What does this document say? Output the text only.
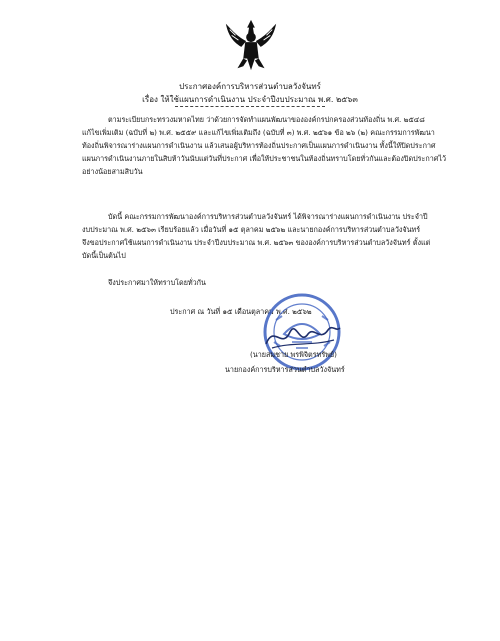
ประกาศองค์การบริหารส่วนตำบลวังจันทร์
เรื่อง ให้ใช้แผนการดำเนินงาน ประจำปีงบประมาณ พ.ศ. ๒๕๖๓
ตามระเบียบกระทรวงมหาดไทย ว่าด้วยการจัดทำแผนพัฒนาขององค์กรปกครองส่วนท้องถิ่น พ.ศ. ๒๕๔๘
แก้ไขเพิ่มเติม (ฉบับที่ ๒) พ.ศ. ๒๕๕๙ และแก้ไขเพิ่มเติมถึง (ฉบับที่ ๓) พ.ศ. ๒๕๖๑ ข้อ ๒๖ (๒) คณะกรรมการพัฒนา
ท้องถิ่นพิจารณาร่างแผนการดำเนินงาน แล้วเสนอผู้บริหารท้องถิ่นประกาศเป็นแผนการดำเนินงาน ทั้งนี้ให้ปิดประกาศ
แผนการดำเนินงานภายในสิบห้าวันนับแต่วันที่ประกาศ เพื่อให้ประชาชนในท้องถิ่นทราบโดยทั่วกันและต้องปิดประกาศไว้
อย่างน้อยสามสิบวัน
บัดนี้ คณะกรรมการพัฒนาองค์การบริหารส่วนตำบลวังจันทร์ ได้พิจารณาร่างแผนการดำเนินงาน ประจำปี
งบประมาณ พ.ศ. ๒๕๖๓ เรียบร้อยแล้ว เมื่อวันที่ ๑๕ ตุลาคม ๒๕๖๒ และนายกองค์การบริหารส่วนตำบลวังจันทร์
จึงขอประกาศใช้แผนการดำเนินงาน ประจำปีงบประมาณ พ.ศ. ๒๕๖๓ ขององค์การบริหารส่วนตำบลวังจันทร์ ตั้งแต่
บัดนี้เป็นต้นไป
จึงประกาศมาให้ทราบโดยทั่วกัน
ประกาศ ณ วันที่ ๑๕ เดือนตุลาคม พ.ศ. ๒๕๖๒
(นายสมชาย พรพิจิตรทรัพย์)
นายกองค์การบริหารส่วนตำบลวังจันทร์
